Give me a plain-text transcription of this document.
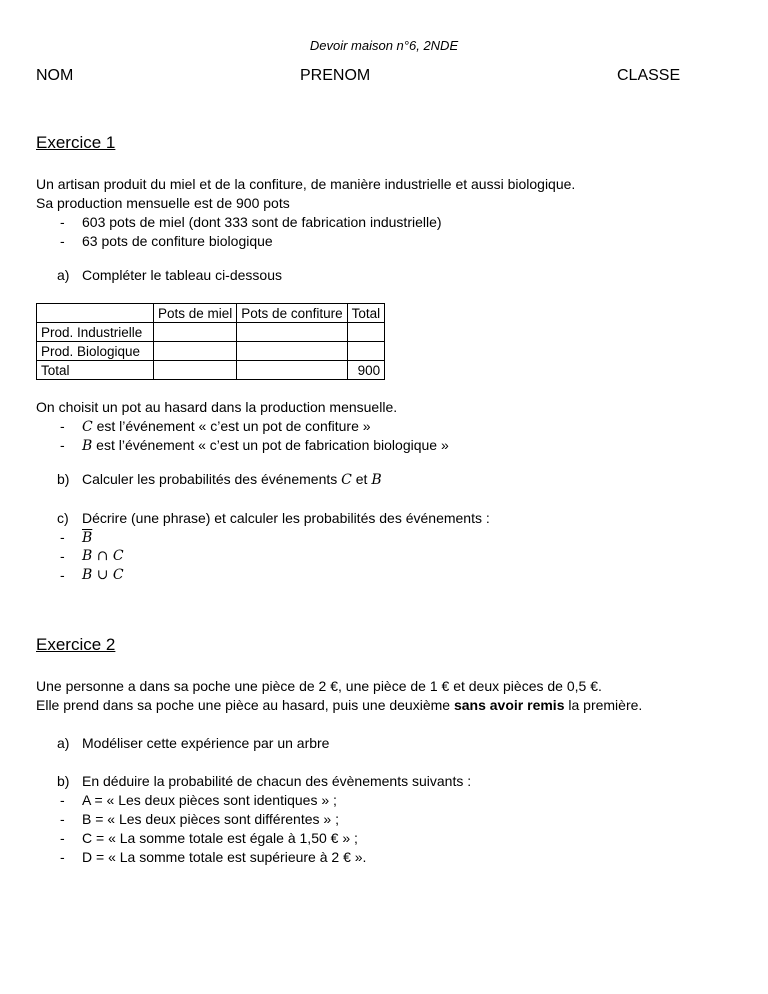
Devoir maison n°6, 2NDE
NOM	PRENOM	CLASSE
Exercice 1
Un artisan produit du miel et de la confiture, de manière industrielle et aussi biologique.
Sa production mensuelle est de 900 pots
- 603 pots de miel (dont 333 sont de fabrication industrielle)
- 63 pots de confiture biologique
a) Compléter le tableau ci-dessous
	Pots de miel	Pots de confiture	Total
Prod. Industrielle			
Prod. Biologique			
Total			900
On choisit un pot au hasard dans la production mensuelle.
- C est l’événement « c’est un pot de confiture »
- B est l’événement « c’est un pot de fabrication biologique »
b) Calculer les probabilités des événements C et B
c) Décrire (une phrase) et calculer les probabilités des événements :
- $\overline{B}$
- B ∩ C
- B ∪ C
Exercice 2
Une personne a dans sa poche une pièce de 2 €, une pièce de 1 € et deux pièces de 0,5 €.
Elle prend dans sa poche une pièce au hasard, puis une deuxième sans avoir remis la première.
a) Modéliser cette expérience par un arbre
b) En déduire la probabilité de chacun des évènements suivants :
- A = « Les deux pièces sont identiques » ;
- B = « Les deux pièces sont différentes » ;
- C = « La somme totale est égale à 1,50 € » ;
- D = « La somme totale est supérieure à 2 € ».
